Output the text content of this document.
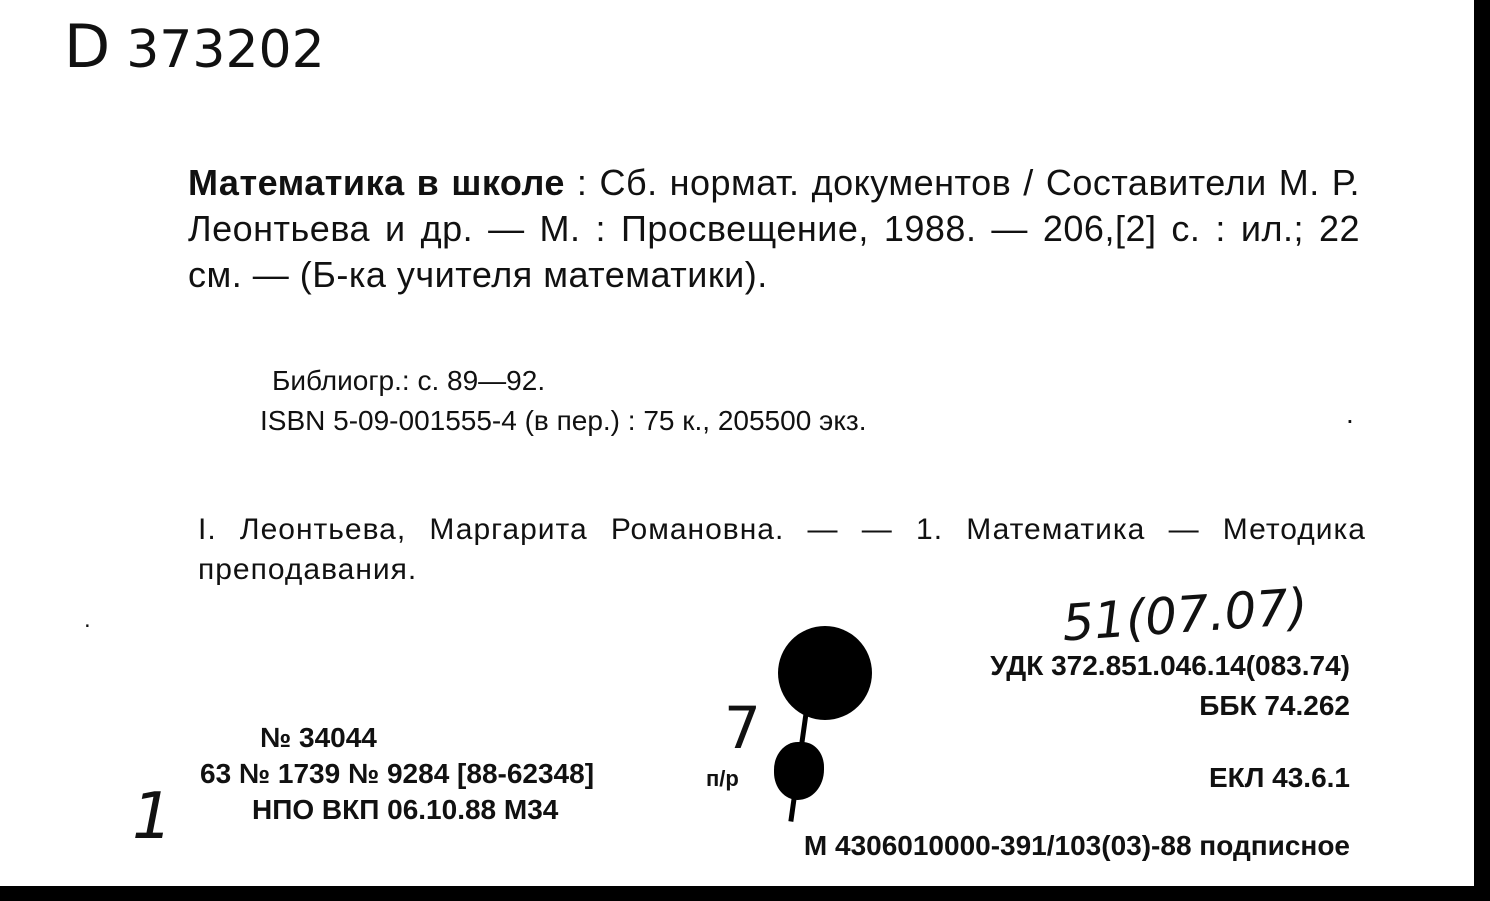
D 373202
Математика в школе : Сб. нормат. документов / Составители М. Р. Леонтьева и др. — М. : Просвещение, 1988. — 206,[2] с. : ил.; 22 см. — (Б-ка учителя математики).
Библиогр.: с. 89—92.
ISBN 5-09-001555-4 (в пер.) : 75 к., 205500 экз.	.
.
I. Леонтьева, Маргарита Романовна. — — 1. Математика — Методика преподавания.
51(07.07)
7
УДК 372.851.046.14(083.74)
ББК 74.262
ЕКЛ 43.6.1
№ 34044
63 № 1739 № 9284 [88-62348]	п/р
НПО ВКП 06.10.88 М34
1	М 4306010000-391/103(03)-88 подписное
